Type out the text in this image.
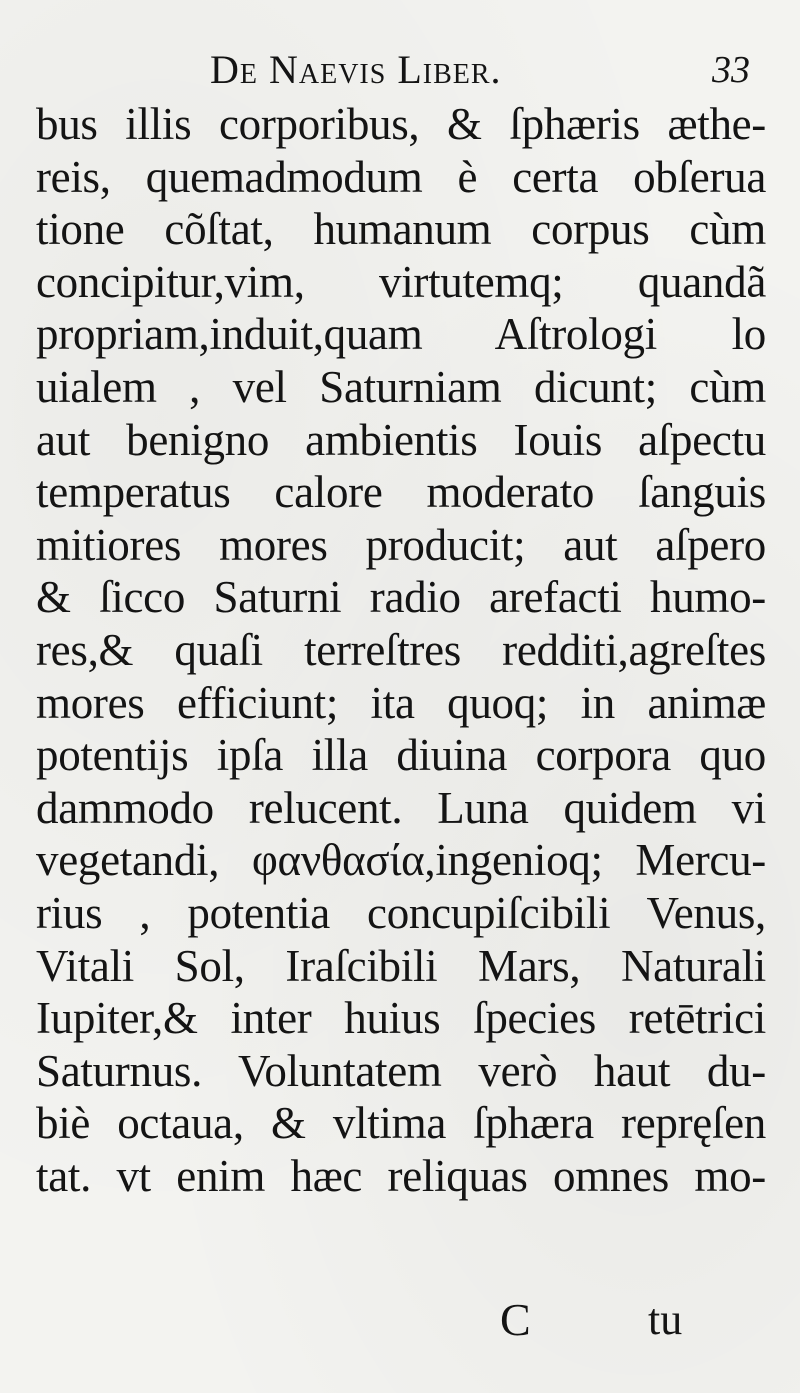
De Naevis Liber.	33
bus illis corporibus, & ſphæris æthe-
reis, quemadmodum è certa obſerua
tione cõſtat, humanum corpus cùm
concipitur,vim, virtutemq; quandã
propriam,induit,quam Aſtrologi lo
uialem , vel Saturniam dicunt; cùm
aut benigno ambientis Iouis aſpectu
temperatus calore moderato ſanguis
mitiores mores producit; aut aſpero
& ſicco Saturni radio arefacti humo-
res,& quaſi terreſtres redditi,agreſtes
mores efficiunt; ita quoq; in animæ
potentijs ipſa illa diuina corpora quo
dammodo relucent. Luna quidem vi
vegetandi, φανθασία,ingenioq; Mercu-
rius , potentia concupiſcibili Venus,
Vitali Sol, Iraſcibili Mars, Naturali
Iupiter,& inter huius ſpecies retētrici
Saturnus. Voluntatem verò haut du-
biè octaua, & vltima ſphæra repręſen
tat. vt enim hæc reliquas omnes mo-
C	tu
